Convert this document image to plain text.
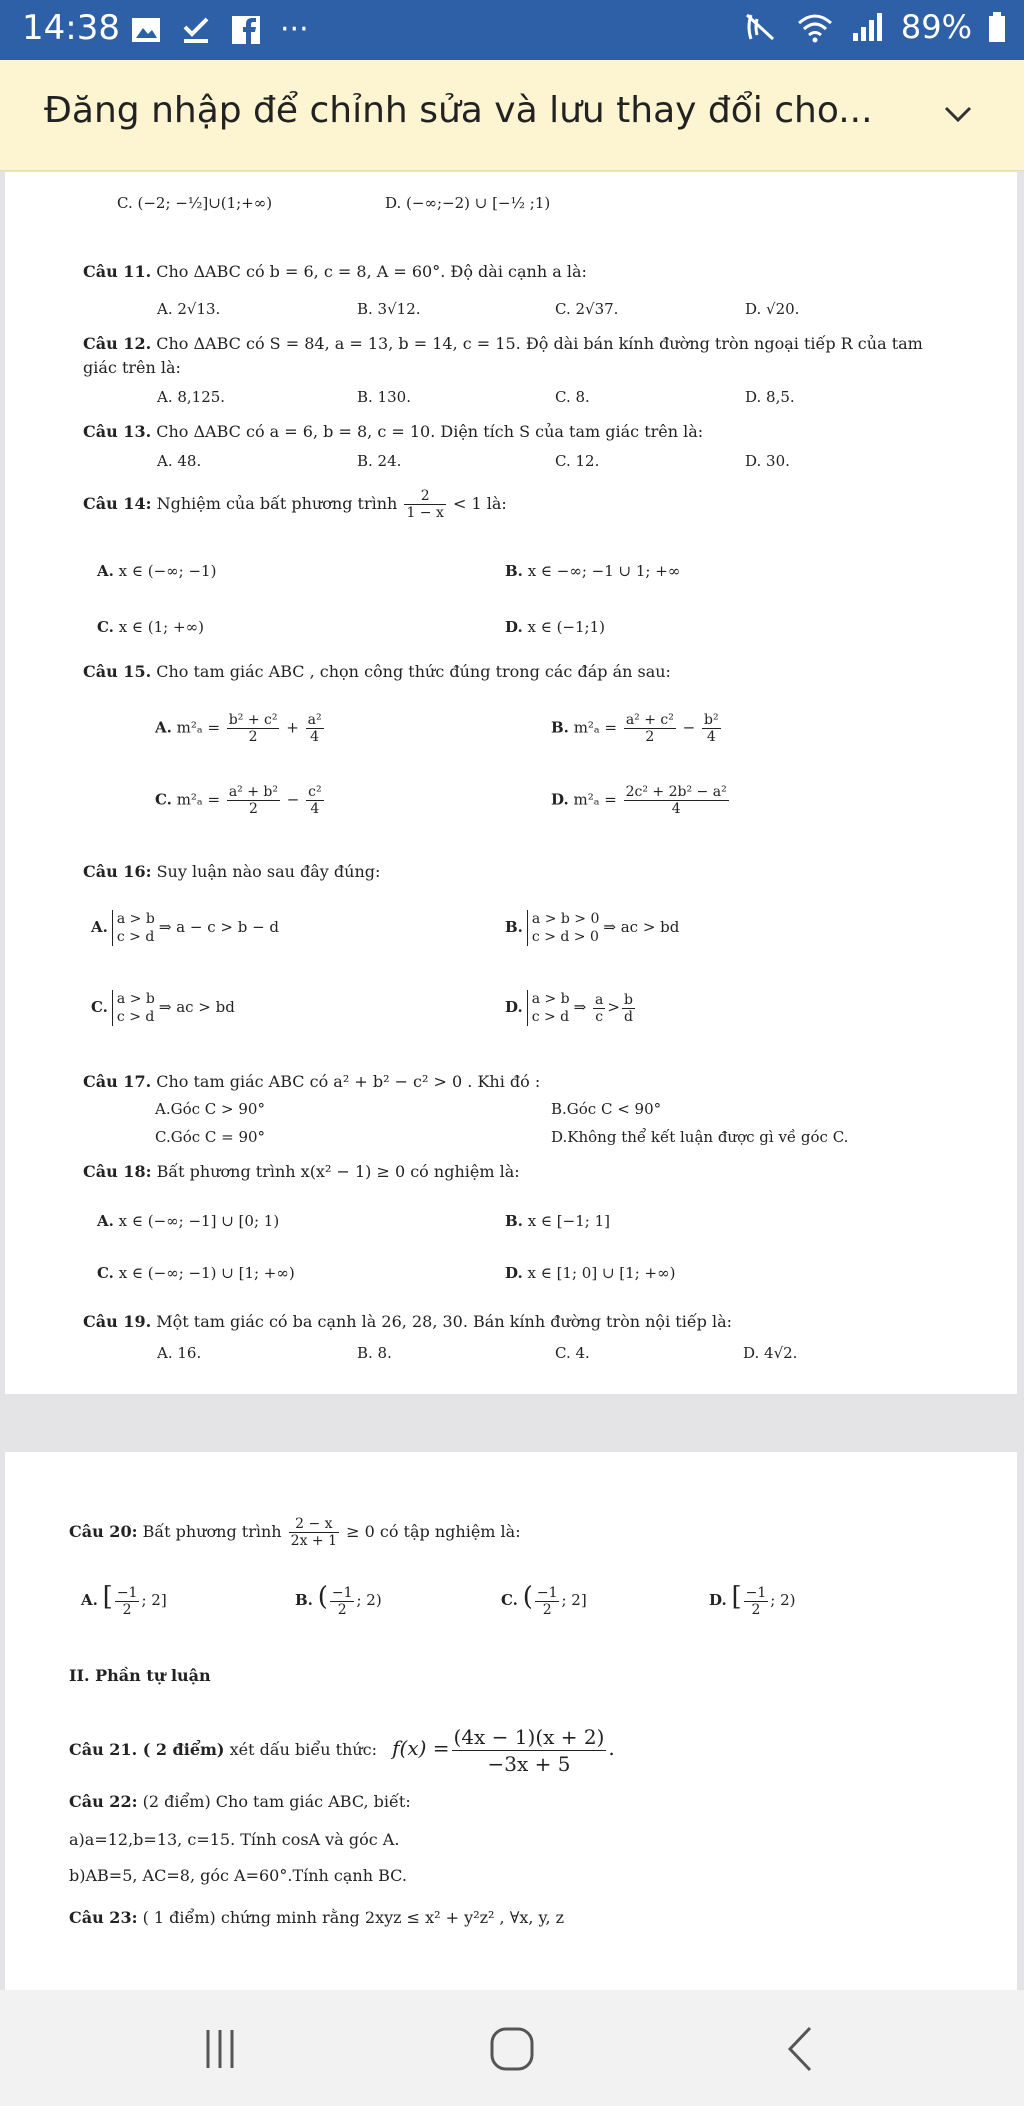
14:38	···	89%
Đăng nhập để chỉnh sửa và lưu thay đổi cho...
C. (−2; −½]∪(1;+∞)	D. (−∞;−2) ∪ [−½ ;1)
Câu 11. Cho ΔABC có b = 6, c = 8, A = 60°. Độ dài cạnh a là:
A. 2√13.	B. 3√12.	C. 2√37.	D. √20.
Câu 12. Cho ΔABC có S = 84, a = 13, b = 14, c = 15. Độ dài bán kính đường tròn ngoại tiếp R của tam
giác trên là:
A. 8,125.	B. 130.	C. 8.	D. 8,5.
Câu 13. Cho ΔABC có a = 6, b = 8, c = 10. Diện tích S của tam giác trên là:
A. 48.	B. 24.	C. 12.	D. 30.
Câu 14: Nghiệm của bất phương trình $\frac{2}{1 - x} < 1$ là:
A. x ∈ (−∞; −1)	B. x ∈ −∞; −1 ∪ 1; +∞
C. x ∈ (1; +∞)	D. x ∈ (−1;1)
Câu 15. Cho tam giác ABC , chọn công thức đúng trong các đáp án sau:
A. $m^2_a = \frac{\text{b² + c²}}{2} + \frac{\text{a²}}{4}$	B. $m^2_a = \frac{\text{a² + c²}}{2} - \frac{\text{b²}}{4}$
C. $m^2_a = \frac{\text{a² + b²}}{2} - \frac{\text{c²}}{4}$	D. $m^2_a = \frac{\text{2c² + 2b² − a²}}{4}$
Câu 16: Suy luận nào sau đây đúng:
A. a > b
c > d
⇒ a − c > b − d	B. a > b > 0
c > d > 0
⇒ ac > bd
C. a > b
c > d
⇒ ac > bd	D. a > b
c > d
⇒ $\frac{a}{c} > \frac{b}{d}$
Câu 17. Cho tam giác ABC có a² + b² − c² > 0 . Khi đó :
A.Góc C > 90°	B.Góc C < 90°
C.Góc C = 90°	D.Không thể kết luận được gì về góc C.
Câu 18: Bất phương trình x(x² − 1) ≥ 0 có nghiệm là:
A. x ∈ (−∞; −1] ∪ [0; 1)	B. x ∈ [−1; 1]
C. x ∈ (−∞; −1) ∪ [1; +∞)	D. x ∈ [1; 0] ∪ [1; +∞)
Câu 19. Một tam giác có ba cạnh là 26, 28, 30. Bán kính đường tròn nội tiếp là:
A. 16.	B. 8.	C. 4.	D. 4√2.
Câu 20: Bất phương trình $\frac{2 - x}{2x + 1} \ge 0$ có tập nghiệm là:
A. [ $\frac{-1}{2}$ ; 2]	B. ( $\frac{-1}{2}$ ; 2)	C. ( $\frac{-1}{2}$ ; 2]	D. [ $\frac{-1}{2}$ ; 2)
II. Phần tự luận
Câu 21. ( 2 điểm) xét dấu biểu thức: $f(x) = \frac{(4x - 1)(x + 2)}{-3x + 5}$ .
Câu 22: (2 điểm) Cho tam giác ABC, biết:
a)a=12,b=13, c=15. Tính cosA và góc A.
b)AB=5, AC=8, góc A=60°.Tính cạnh BC.
Câu 23: ( 1 điểm) chứng minh rằng 2xyz ≤ x² + y²z² , ∀x, y, z
